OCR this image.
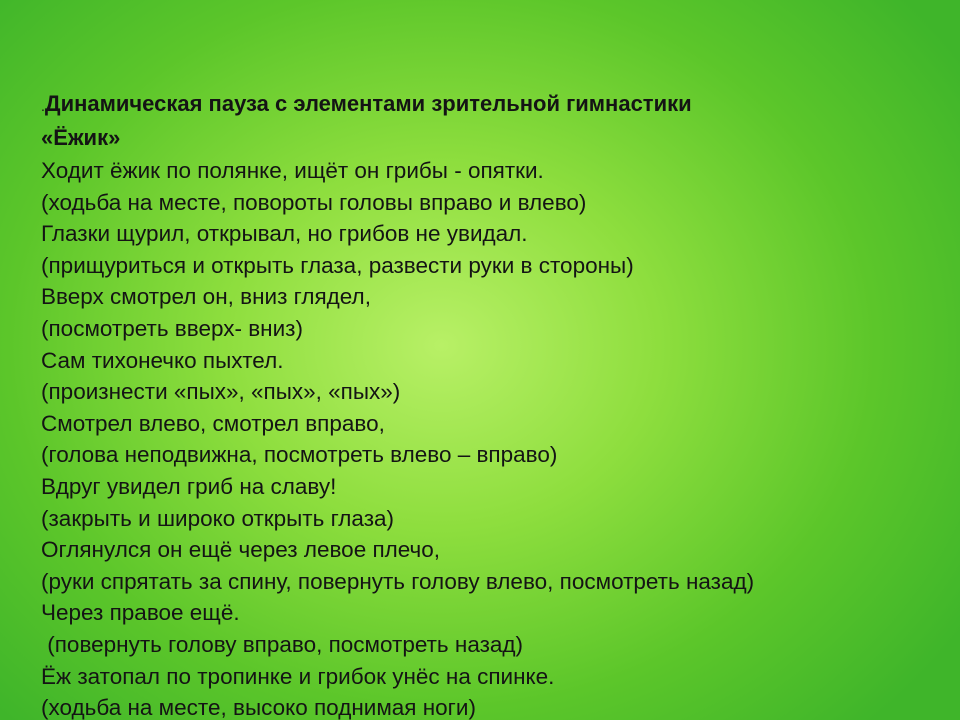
.Динамическая пауза с элементами зрительной гимнастики
«Ёжик»
Ходит ёжик по полянке, ищёт он грибы - опятки.
(ходьба на месте, повороты головы вправо и влево)
Глазки щурил, открывал, но грибов не увидал.
(прищуриться и открыть глаза, развести руки в стороны)
Вверх смотрел он, вниз глядел,
(посмотреть вверх- вниз)
Сам тихонечко пыхтел.
(произнести «пых», «пых», «пых»)
Смотрел влево, смотрел вправо,
(голова неподвижна, посмотреть влево – вправо)
Вдруг увидел гриб на славу!
(закрыть и широко открыть глаза)
Оглянулся он ещё через левое плечо,
(руки спрятать за спину, повернуть голову влево, посмотреть назад)
Через правое ещё.
(повернуть голову вправо, посмотреть назад)
Ёж затопал по тропинке и грибок унёс на спинке.
(ходьба на месте, высоко поднимая ноги)
